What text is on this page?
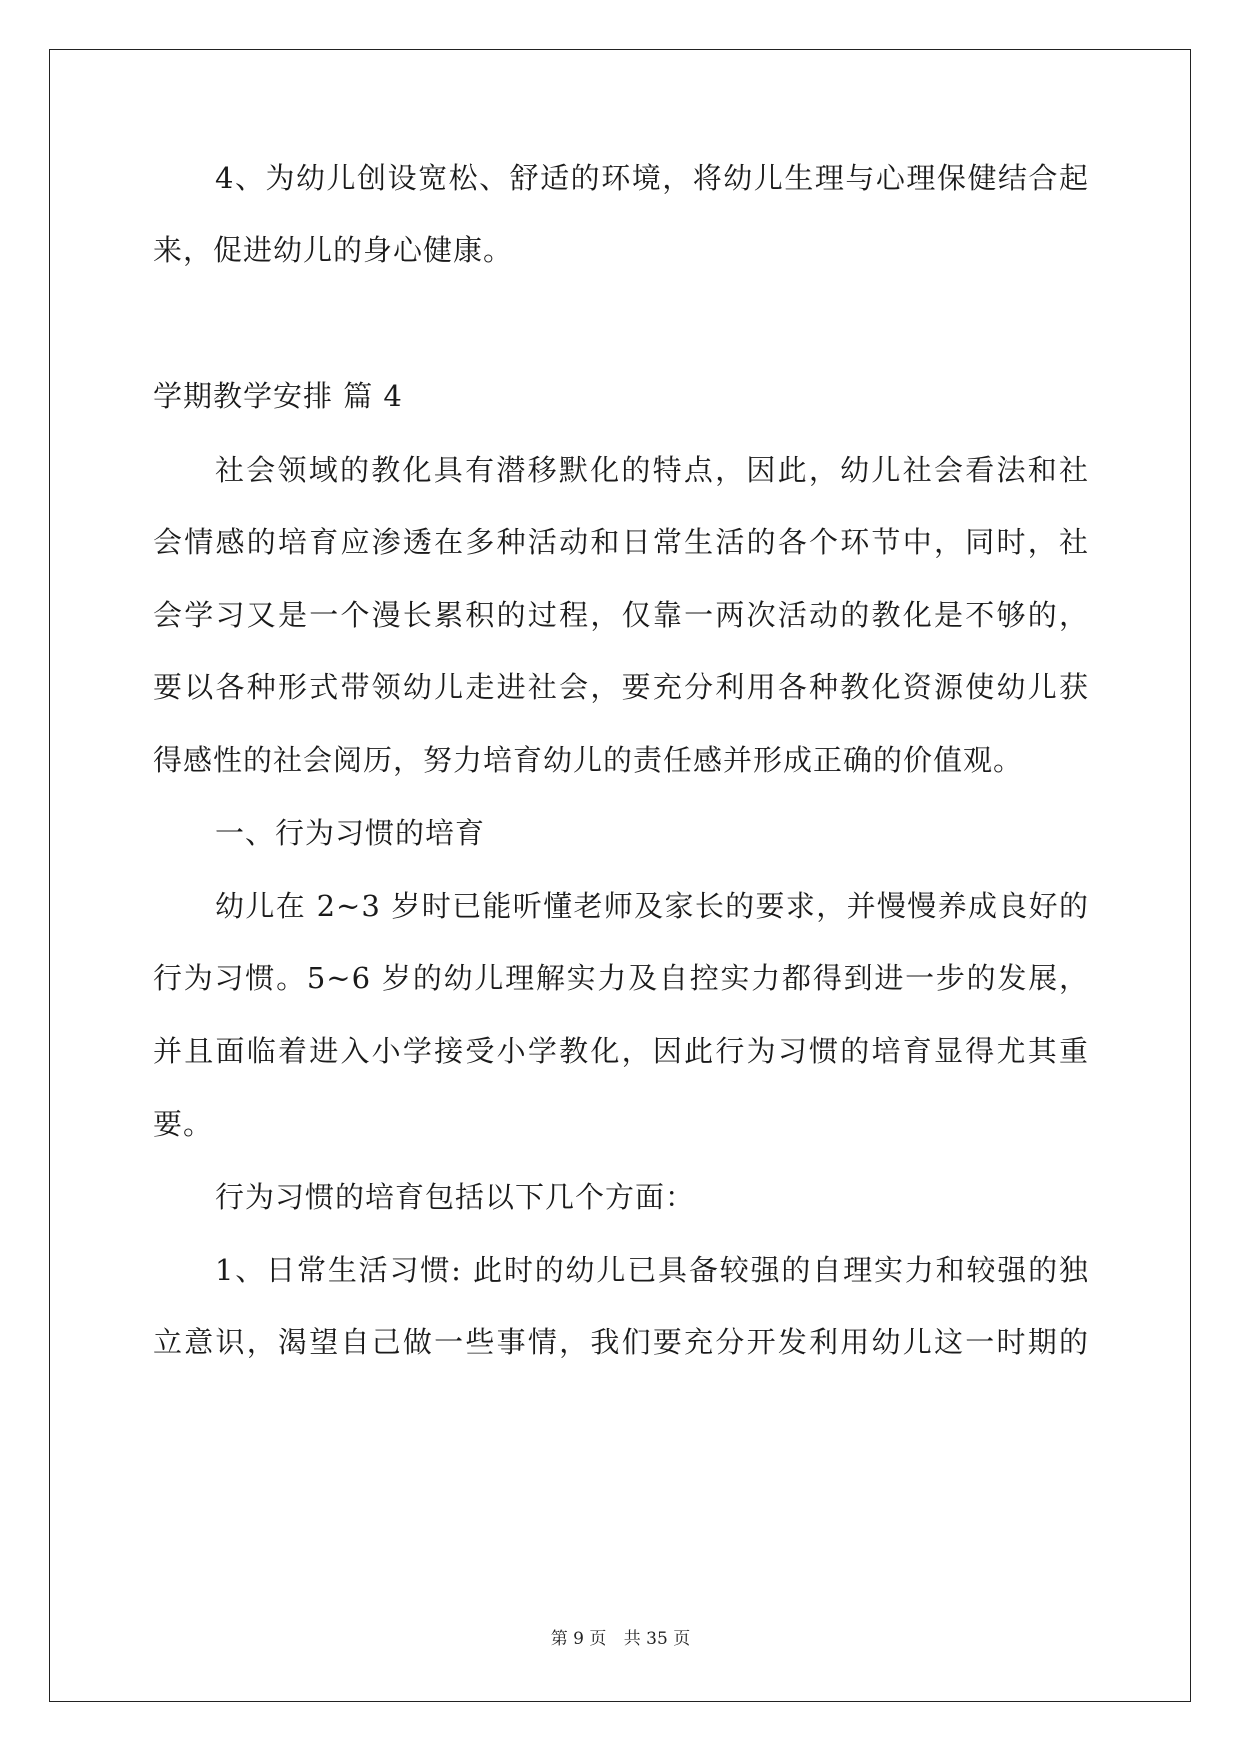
4、为幼儿创设宽松、舒适的环境，将幼儿生理与心理保健结合起
来，促进幼儿的身心健康。
学期教学安排 篇 4
社会领域的教化具有潜移默化的特点，因此，幼儿社会看法和社
会情感的培育应渗透在多种活动和日常生活的各个环节中，同时，社
会学习又是一个漫长累积的过程，仅靠一两次活动的教化是不够的，
要以各种形式带领幼儿走进社会，要充分利用各种教化资源使幼儿获
得感性的社会阅历，努力培育幼儿的责任感并形成正确的价值观。
一、行为习惯的培育
幼儿在 2~3 岁时已能听懂老师及家长的要求，并慢慢养成良好的
行为习惯。5~6 岁的幼儿理解实力及自控实力都得到进一步的发展，
并且面临着进入小学接受小学教化，因此行为习惯的培育显得尤其重
要。
行为习惯的培育包括以下几个方面：
1、日常生活习惯: 此时的幼儿已具备较强的自理实力和较强的独
立意识，渴望自己做一些事情，我们要充分开发利用幼儿这一时期的
第 9 页 共 35 页
